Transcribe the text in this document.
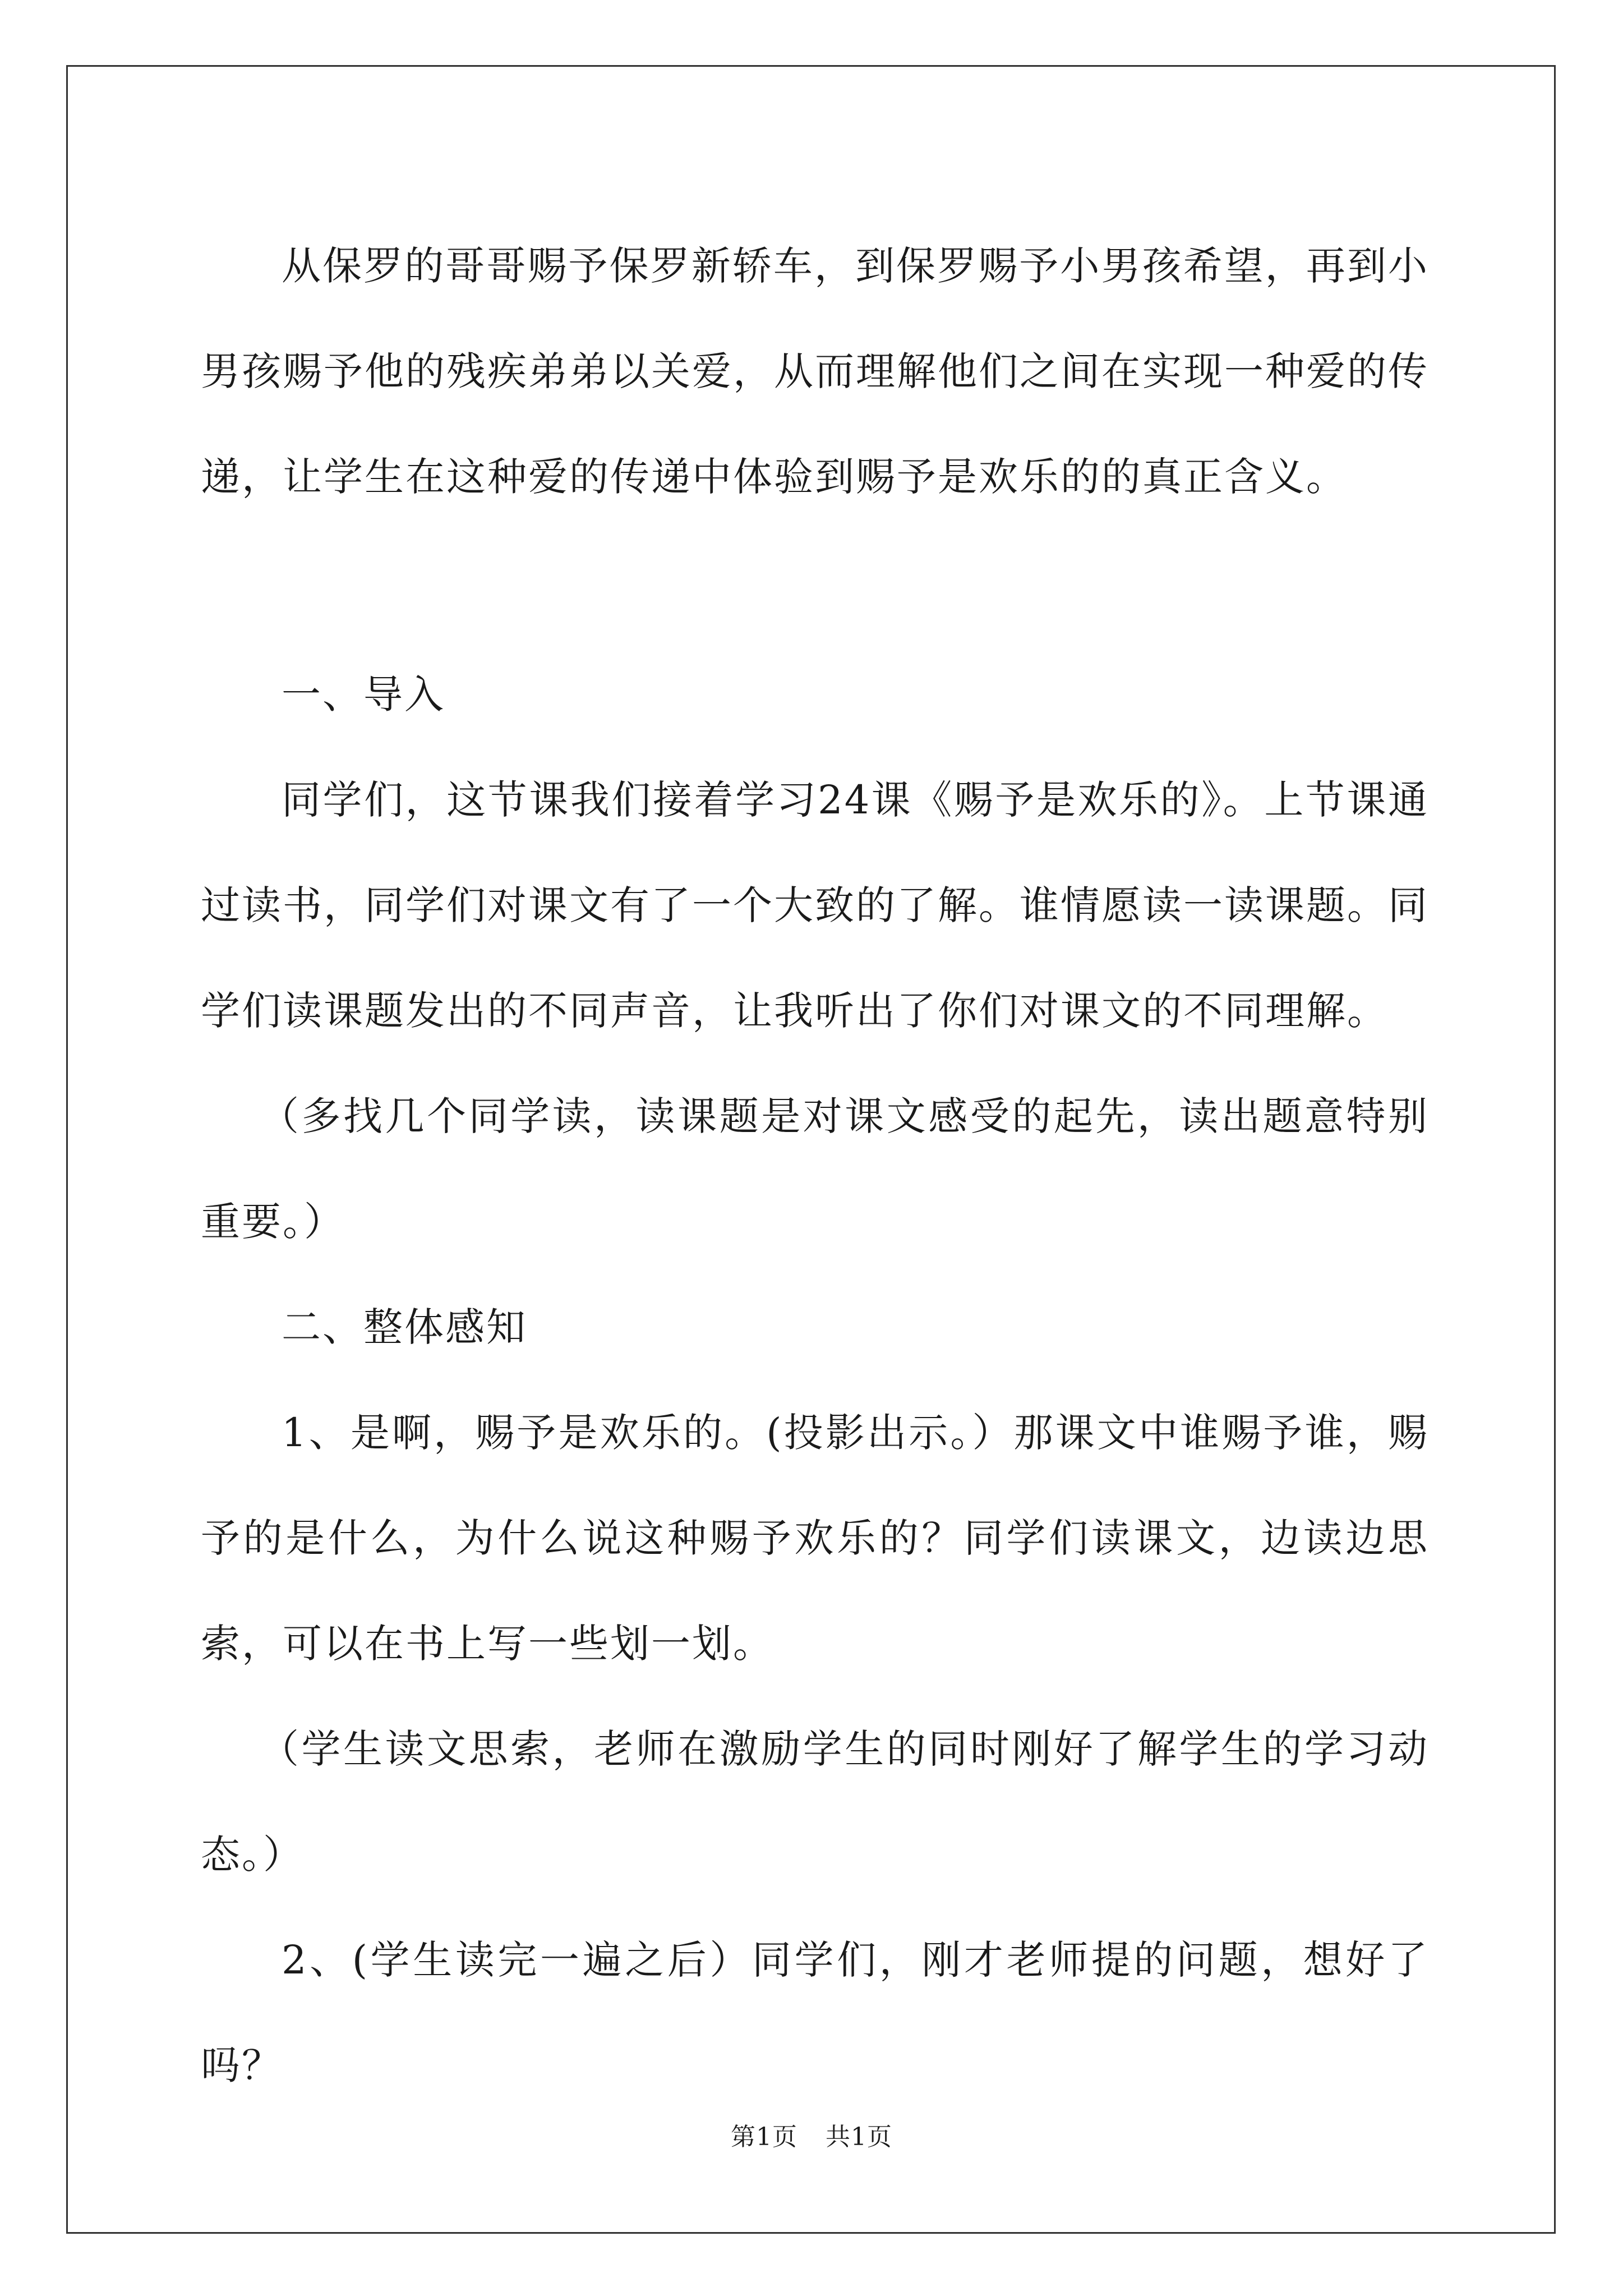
从保罗的哥哥赐予保罗新轿车，到保罗赐予小男孩希望，再到小男孩赐予他的残疾弟弟以关爱，从而理解他们之间在实现一种爱的传递，让学生在这种爱的传递中体验到赐予是欢乐的的真正含义。

一、导入

同学们，这节课我们接着学习24课《赐予是欢乐的》。上节课通过读书，同学们对课文有了一个大致的了解。谁情愿读一读课题。同学们读课题发出的不同声音，让我听出了你们对课文的不同理解。

（多找几个同学读，读课题是对课文感受的起先，读出题意特别重要。）

二、整体感知

1、是啊，赐予是欢乐的。(投影出示。）那课文中谁赐予谁，赐予的是什么，为什么说这种赐予欢乐的？同学们读课文，边读边思索，可以在书上写一些划一划。

（学生读文思索，老师在激励学生的同时刚好了解学生的学习动态。）

2、(学生读完一遍之后）同学们，刚才老师提的问题，想好了吗？

第1页 共1页
